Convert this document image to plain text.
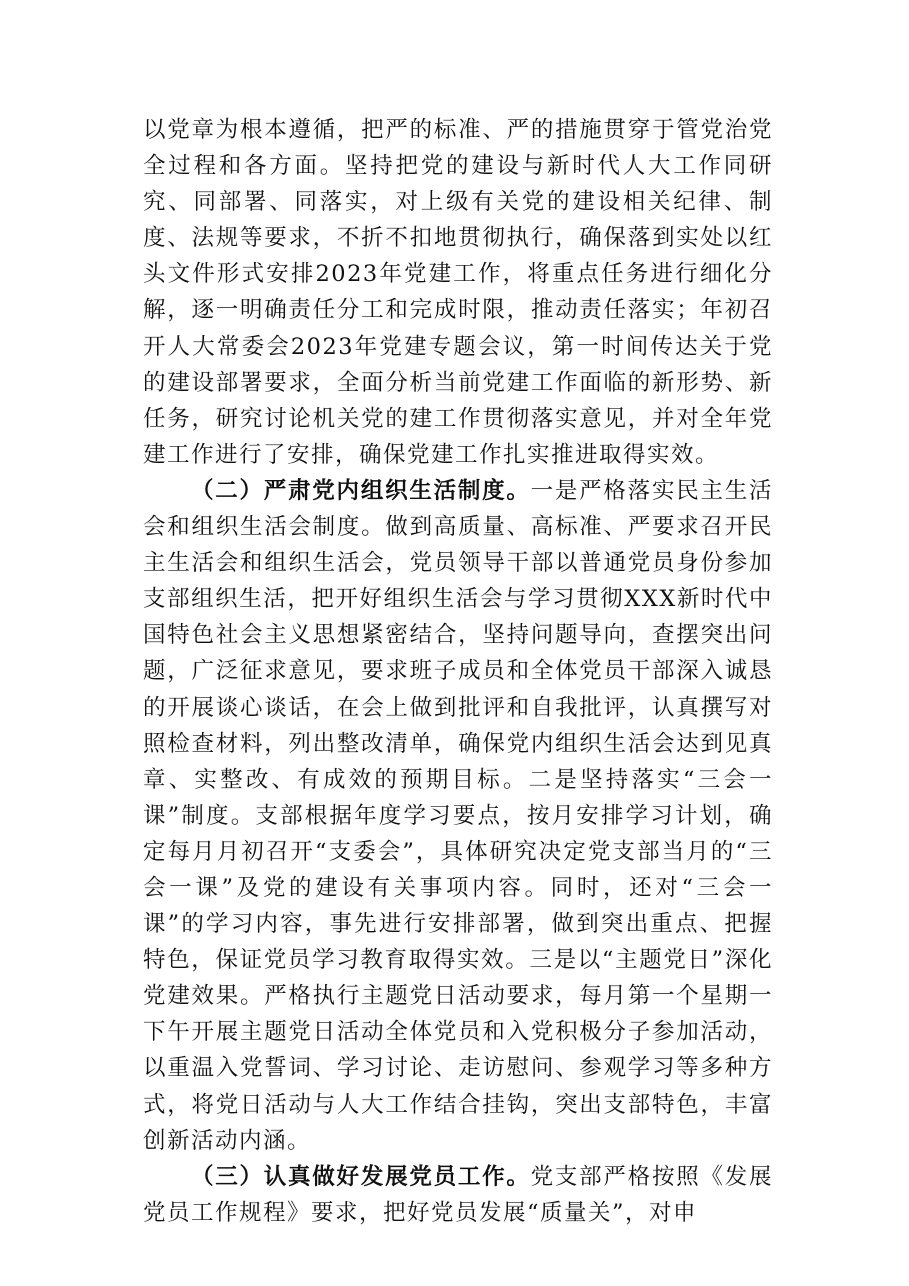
以党章为根本遵循，把严的标准、严的措施贯穿于管党治党全过程和各方面。坚持把党的建设与新时代人大工作同研究、同部署、同落实，对上级有关党的建设相关纪律、制度、法规等要求，不折不扣地贯彻执行，确保落到实处以红头文件形式安排2023年党建工作，将重点任务进行细化分解，逐一明确责任分工和完成时限，推动责任落实；年初召开人大常委会2023年党建专题会议，第一时间传达关于党的建设部署要求，全面分析当前党建工作面临的新形势、新任务，研究讨论机关党的建工作贯彻落实意见，并对全年党建工作进行了安排，确保党建工作扎实推进取得实效。

（二）严肃党内组织生活制度。一是严格落实民主生活会和组织生活会制度。做到高质量、高标准、严要求召开民主生活会和组织生活会，党员领导干部以普通党员身份参加支部组织生活，把开好组织生活会与学习贯彻XXX新时代中国特色社会主义思想紧密结合，坚持问题导向，查摆突出问题，广泛征求意见，要求班子成员和全体党员干部深入诚恳的开展谈心谈话，在会上做到批评和自我批评，认真撰写对照检查材料，列出整改清单，确保党内组织生活会达到见真章、实整改、有成效的预期目标。二是坚持落实“三会一课”制度。支部根据年度学习要点，按月安排学习计划，确定每月月初召开“支委会”，具体研究决定党支部当月的“三会一课”及党的建设有关事项内容。同时，还对“三会一课”的学习内容，事先进行安排部署，做到突出重点、把握特色，保证党员学习教育取得实效。三是以“主题党日”深化党建效果。严格执行主题党日活动要求，每月第一个星期一下午开展主题党日活动全体党员和入党积极分子参加活动，以重温入党誓词、学习讨论、走访慰问、参观学习等多种方式，将党日活动与人大工作结合挂钩，突出支部特色，丰富创新活动内涵。

（三）认真做好发展党员工作。党支部严格按照《发展党员工作规程》要求，把好党员发展“质量关”，对申
